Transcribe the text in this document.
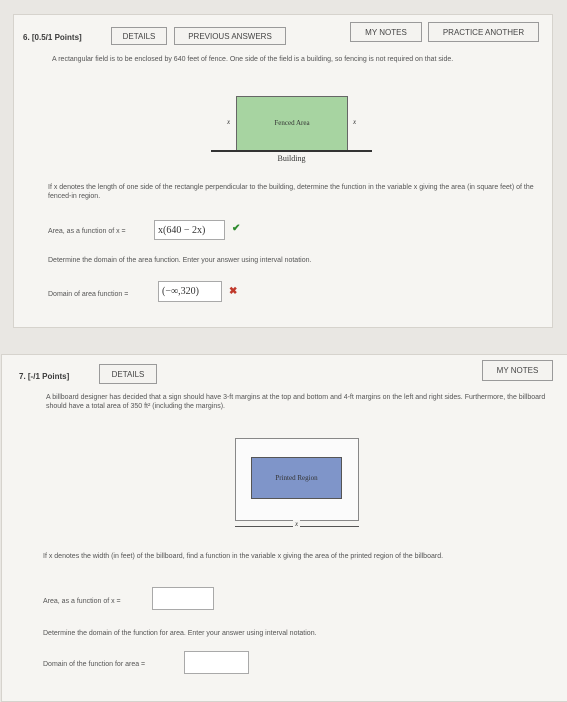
6. [0.5/1 Points]	DETAILS	PREVIOUS ANSWERS	MY NOTES	PRACTICE ANOTHER
A rectangular field is to be enclosed by 640 feet of fence. One side of the field is a building, so fencing is not required on that side.
Fenced Area
x	x
Building
If x denotes the length of one side of the rectangle perpendicular to the building, determine the function in the variable x giving the area (in square feet) of the fenced-in region.
Area, as a function of x =	x(640 − 2x)	✔
Determine the domain of the area function. Enter your answer using interval notation.
Domain of area function =	(−∞,320)	✖
7. [-/1 Points]	DETAILS	MY NOTES
A billboard designer has decided that a sign should have 3-ft margins at the top and bottom and 4-ft margins on the left and right sides. Furthermore, the billboard should have a total area of 350 ft² (including the margins).
Printed Region
x
If x denotes the width (in feet) of the billboard, find a function in the variable x giving the area of the printed region of the billboard.
Area, as a function of x =
Determine the domain of the function for area. Enter your answer using interval notation.
Domain of the function for area =
